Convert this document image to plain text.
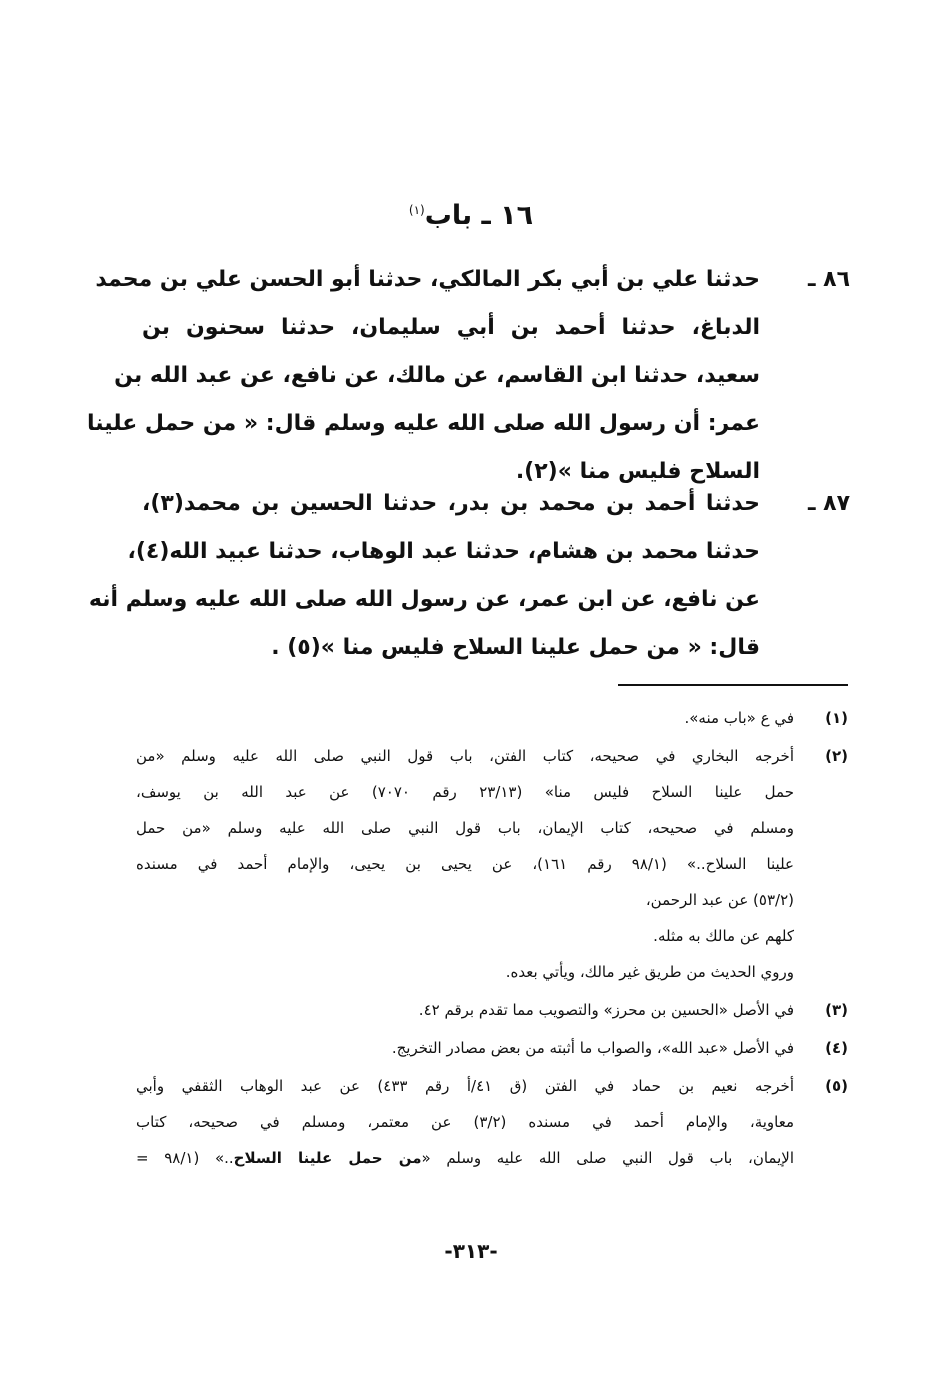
١٦ ـ باب$^{(١)}$
٨٦ ـ
حدثنا علي بن أبي بكر المالكي، حدثنا أبو الحسن علي بن محمد
الدباغ، حدثنا أحمد بن أبي سليمان، حدثنا سحنون بن
سعيد، حدثنا ابن القاسم، عن مالك، عن نافع، عن عبد الله بن
عمر: أن رسول الله صلى الله عليه وسلم قال: « من حمل علينا
السلاح فليس منا »(٢).
٨٧ ـ
حدثنا أحمد بن محمد بن بدر، حدثنا الحسين بن محمد(٣)،
حدثنا محمد بن هشام، حدثنا عبد الوهاب، حدثنا عبيد الله(٤)،
عن نافع، عن ابن عمر، عن رسول الله صلى الله عليه وسلم أنه
قال: « من حمل علينا السلاح فليس منا »(٥) .
(١)
في ع «باب منه».
(٢)
أخرجه البخاري في صحيحه، كتاب الفتن، باب قول النبي صلى الله عليه وسلم «من
حمل علينا السلاح فليس منا» (٢٣/١٣ رقم ٧٠٧٠) عن عبد الله بن يوسف،
ومسلم في صحيحه، كتاب الإيمان، باب قول النبي صلى الله عليه وسلم «من حمل
علينا السلاح..» (٩٨/١ رقم ١٦١)، عن يحيى بن يحيى، والإمام أحمد في مسنده
(٥٣/٢) عن عبد الرحمن،
كلهم عن مالك به مثله.
وروي الحديث من طريق غير مالك، ويأتي بعده.
(٣)
في الأصل «الحسين بن محرز» والتصويب مما تقدم برقم ٤٢.
(٤)
في الأصل «عبد الله»، والصواب ما أثبته من بعض مصادر التخريج.
(٥)
أخرجه نعيم بن حماد في الفتن (ق ٤١/أ رقم ٤٣٣) عن عبد الوهاب الثقفي وأبي
معاوية، والإمام أحمد في مسنده (٣/٢) عن معتمر، ومسلم في صحيحه، كتاب
الإيمان، باب قول النبي صلى الله عليه وسلم «من حمل علينا السلاح..» (٩٨/١ =
-٣١٣-
